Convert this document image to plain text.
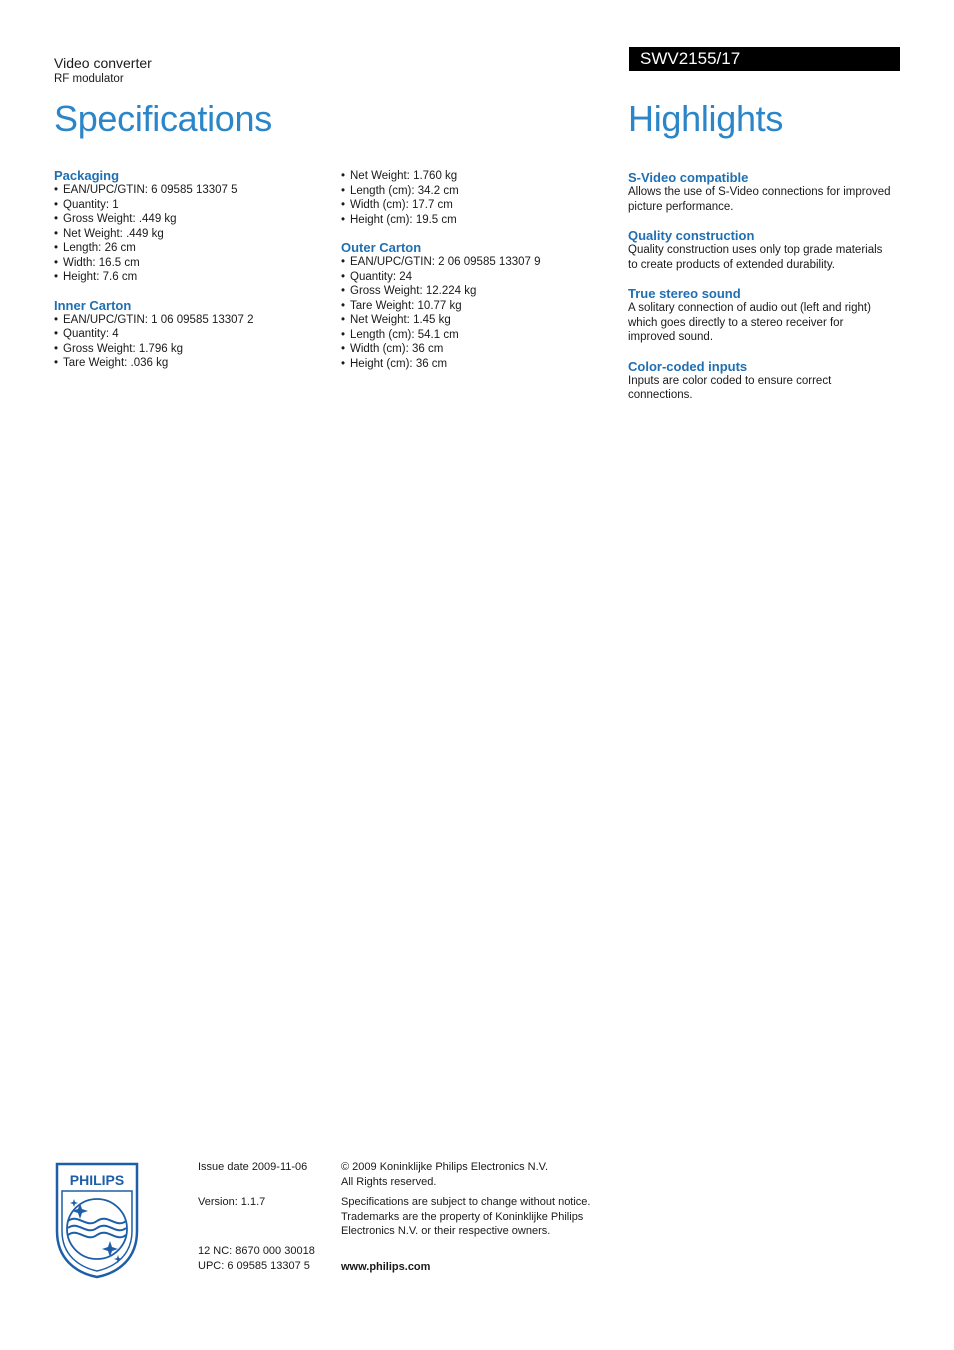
Video converter
RF modulator
Specifications
SWV2155/17
Highlights
Packaging
• EAN/UPC/GTIN: 6 09585 13307 5
• Quantity: 1
• Gross Weight: .449 kg
• Net Weight: .449 kg
• Length: 26 cm
• Width: 16.5 cm
• Height: 7.6 cm
Inner Carton
• EAN/UPC/GTIN: 1 06 09585 13307 2
• Quantity: 4
• Gross Weight: 1.796 kg
• Tare Weight: .036 kg
• Net Weight: 1.760 kg
• Length (cm): 34.2 cm
• Width (cm): 17.7 cm
• Height (cm): 19.5 cm
Outer Carton
• EAN/UPC/GTIN: 2 06 09585 13307 9
• Quantity: 24
• Gross Weight: 12.224 kg
• Tare Weight: 10.77 kg
• Net Weight: 1.45 kg
• Length (cm): 54.1 cm
• Width (cm): 36 cm
• Height (cm): 36 cm
S-Video compatible

Allows the use of S-Video connections for improved

picture performance.

Quality construction

Quality construction uses only top grade materials

to create products of extended durability.

True stereo sound

A solitary connection of audio out (left and right)

which goes directly to a stereo receiver for

improved sound.

Color-coded inputs

Inputs are color coded to ensure correct

connections.

PHILIPS
Issue date 2009-11-06
Version: 1.1.7
12 NC: 8670 000 30018
UPC: 6 09585 13307 5
© 2009 Koninklijke Philips Electronics N.V.
All Rights reserved.
Specifications are subject to change without notice.
Trademarks are the property of Koninklijke Philips
Electronics N.V. or their respective owners.
www.philips.com
